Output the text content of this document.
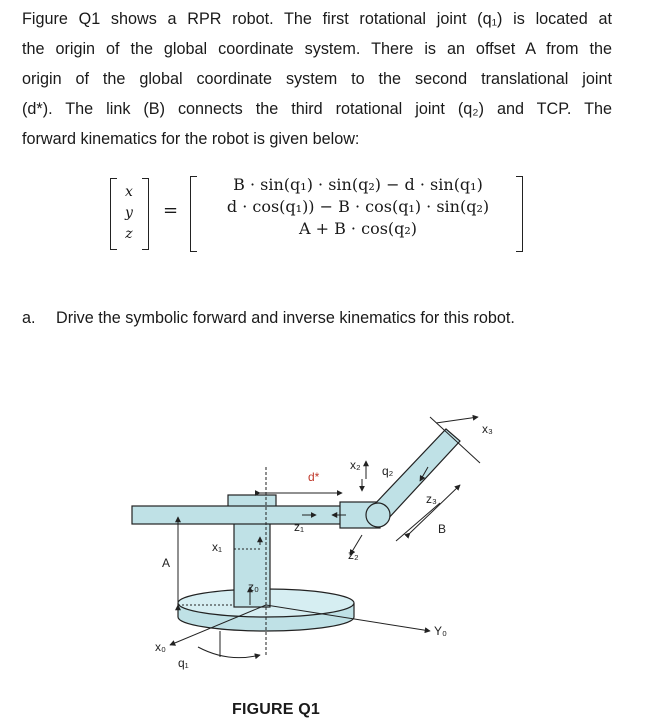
Figure Q1 shows a RPR robot. The first rotational joint (q₁) is located at
the origin of the global coordinate system. There is an offset A from the
origin of the global coordinate system to the second translational joint
(d*). The link (B) connects the third rotational joint (q₂) and TCP. The
forward kinematics for the robot is given below:
x
y
z
=
B · sin(q₁) · sin(q₂) − d · sin(q₁)
d · cos(q₁)) − B · cos(q₁) · sin(q₂)
A + B · cos(q₂)
a. Drive the symbolic forward and inverse kinematics for this robot.
x₀
z₀
Y₀
x₁
z₁
x₂
z₂
x₃
z₃
q₁
q₂
A
B
d*
FIGURE Q1
